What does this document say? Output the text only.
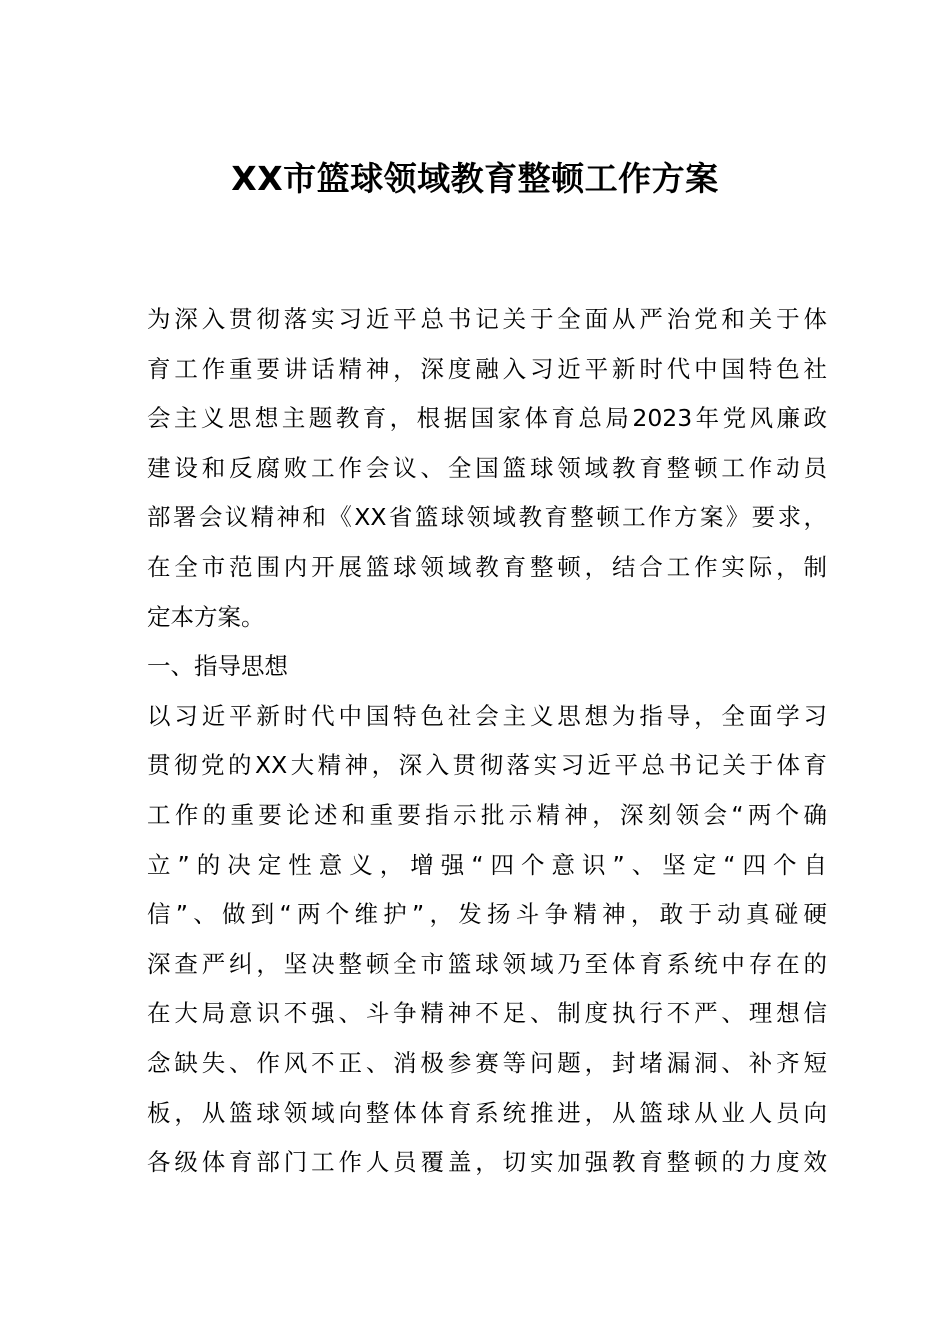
XX市篮球领域教育整顿工作方案
为深入贯彻落实习近平总书记关于全面从严治党和关于体
育工作重要讲话精神，深度融入习近平新时代中国特色社
会主义思想主题教育，根据国家体育总局2023年党风廉政
建设和反腐败工作会议、全国篮球领域教育整顿工作动员
部署会议精神和《XX省篮球领域教育整顿工作方案》要求，
在全市范围内开展篮球领域教育整顿，结合工作实际，制
定本方案。
一、指导思想
以习近平新时代中国特色社会主义思想为指导，全面学习
贯彻党的XX大精神，深入贯彻落实习近平总书记关于体育
工作的重要论述和重要指示批示精神，深刻领会“两个确
立”的决定性意义，增强“四个意识”、坚定“四个自
信”、做到“两个维护”，发扬斗争精神，敢于动真碰硬
深查严纠，坚决整顿全市篮球领域乃至体育系统中存在的
在大局意识不强、斗争精神不足、制度执行不严、理想信
念缺失、作风不正、消极参赛等问题，封堵漏洞、补齐短
板，从篮球领域向整体体育系统推进，从篮球从业人员向
各级体育部门工作人员覆盖，切实加强教育整顿的力度效
